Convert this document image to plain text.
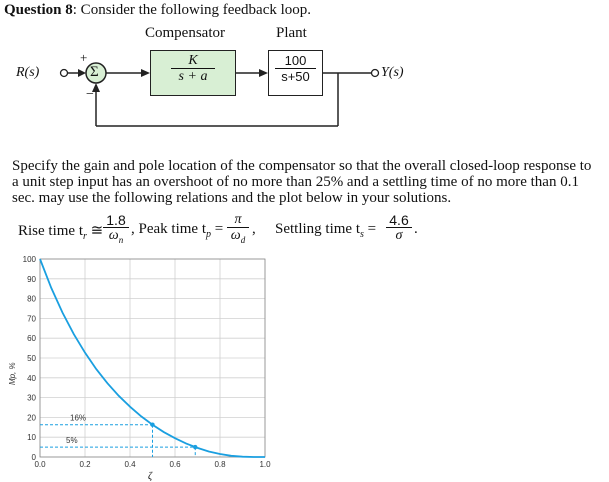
Question 8: Consider the following feedback loop.
Compensator	Plant
R(s)	Y(s)
Σ
+
−
$\frac{K}{s + a}$	$\frac{100}{s+50}$
Specify the gain and pole location of the compensator so that the overall closed-loop response to a unit step input has an overshoot of no more than 25% and a settling time of no more than 0.1 sec. may use the following relations and the plot below in your solutions.
Rise time $t_r$ ≅ $\frac{1.8}{\omega_n}$ , Peak time $t_p = \frac{\pi}{\omega_d}$ , Settling time $t_s = \frac{4.6}{\sigma}$ .
Mp, %
ζ
0
10
20
30
40
50
60
70
80
90
100
0.0	0.2	0.4	0.6	0.8	1.0
16%
5%
